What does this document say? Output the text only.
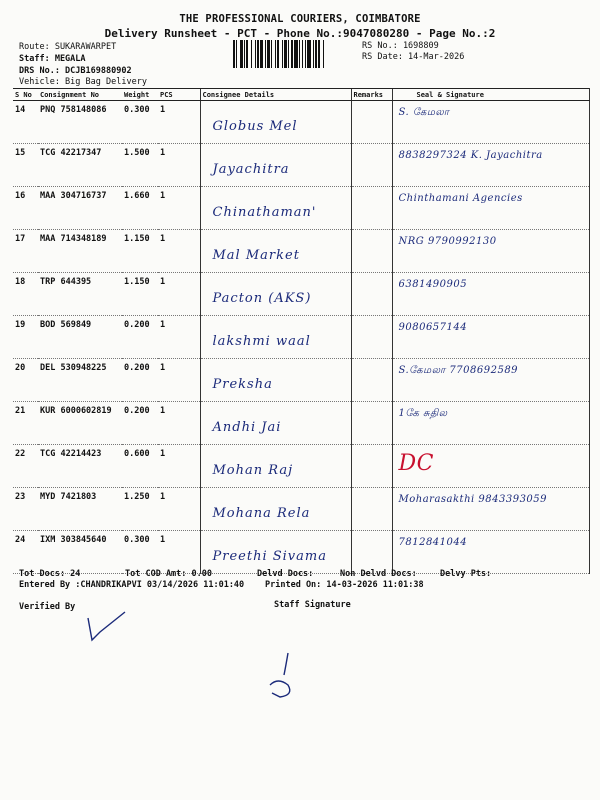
THE PROFESSIONAL COURIERS, COIMBATORE
Delivery Runsheet - PCT - Phone No.:9047080280 - Page No.:2
Route: SUKARAWARPET
Staff: MEGALA
DRS No.: DCJB169880902
Vehicle: Big Bag Delivery
RS No.: 1698809
RS Date: 14-Mar-2026
S No	Consignment No	Weight	PCS	Consignee Details	Remarks	Seal & Signature
14	PNQ 758148086	0.300	1	Globus Mel		S. கேமலா

15	TCG 42217347	1.500	1	Jayachitra		8838297324 K. Jayachitra

16	MAA 304716737	1.660	1	Chinathaman'		Chinthamani Agencies

17	MAA 714348189	1.150	1	Mal Market		NRG 9790992130

18	TRP 644395	1.150	1	Pacton (AKS)		6381490905

19	BOD 569849	0.200	1	lakshmi waal		9080657144

20	DEL 530948225	0.200	1	Preksha		S.கேமலா 7708692589

21	KUR 6000602819	0.200	1	Andhi Jai		1கே சுதில

22	TCG 42214423	0.600	1	Mohan Raj		DC

23	MYD 7421803	1.250	1	Mohana Rela		Moharasakthi 9843393059

24	IXM 303845640	0.300	1	Preethi Sivama		7812841044
Tot Docs: 24	Tot COD Amt: 0.00	Delvd Docs:	Non Delvd Docs:	Delvy Pts:
Entered By :CHANDRIKAPVI 03/14/2026 11:01:40 Printed On: 14-03-2026 11:01:38
Verified By	Staff Signature
